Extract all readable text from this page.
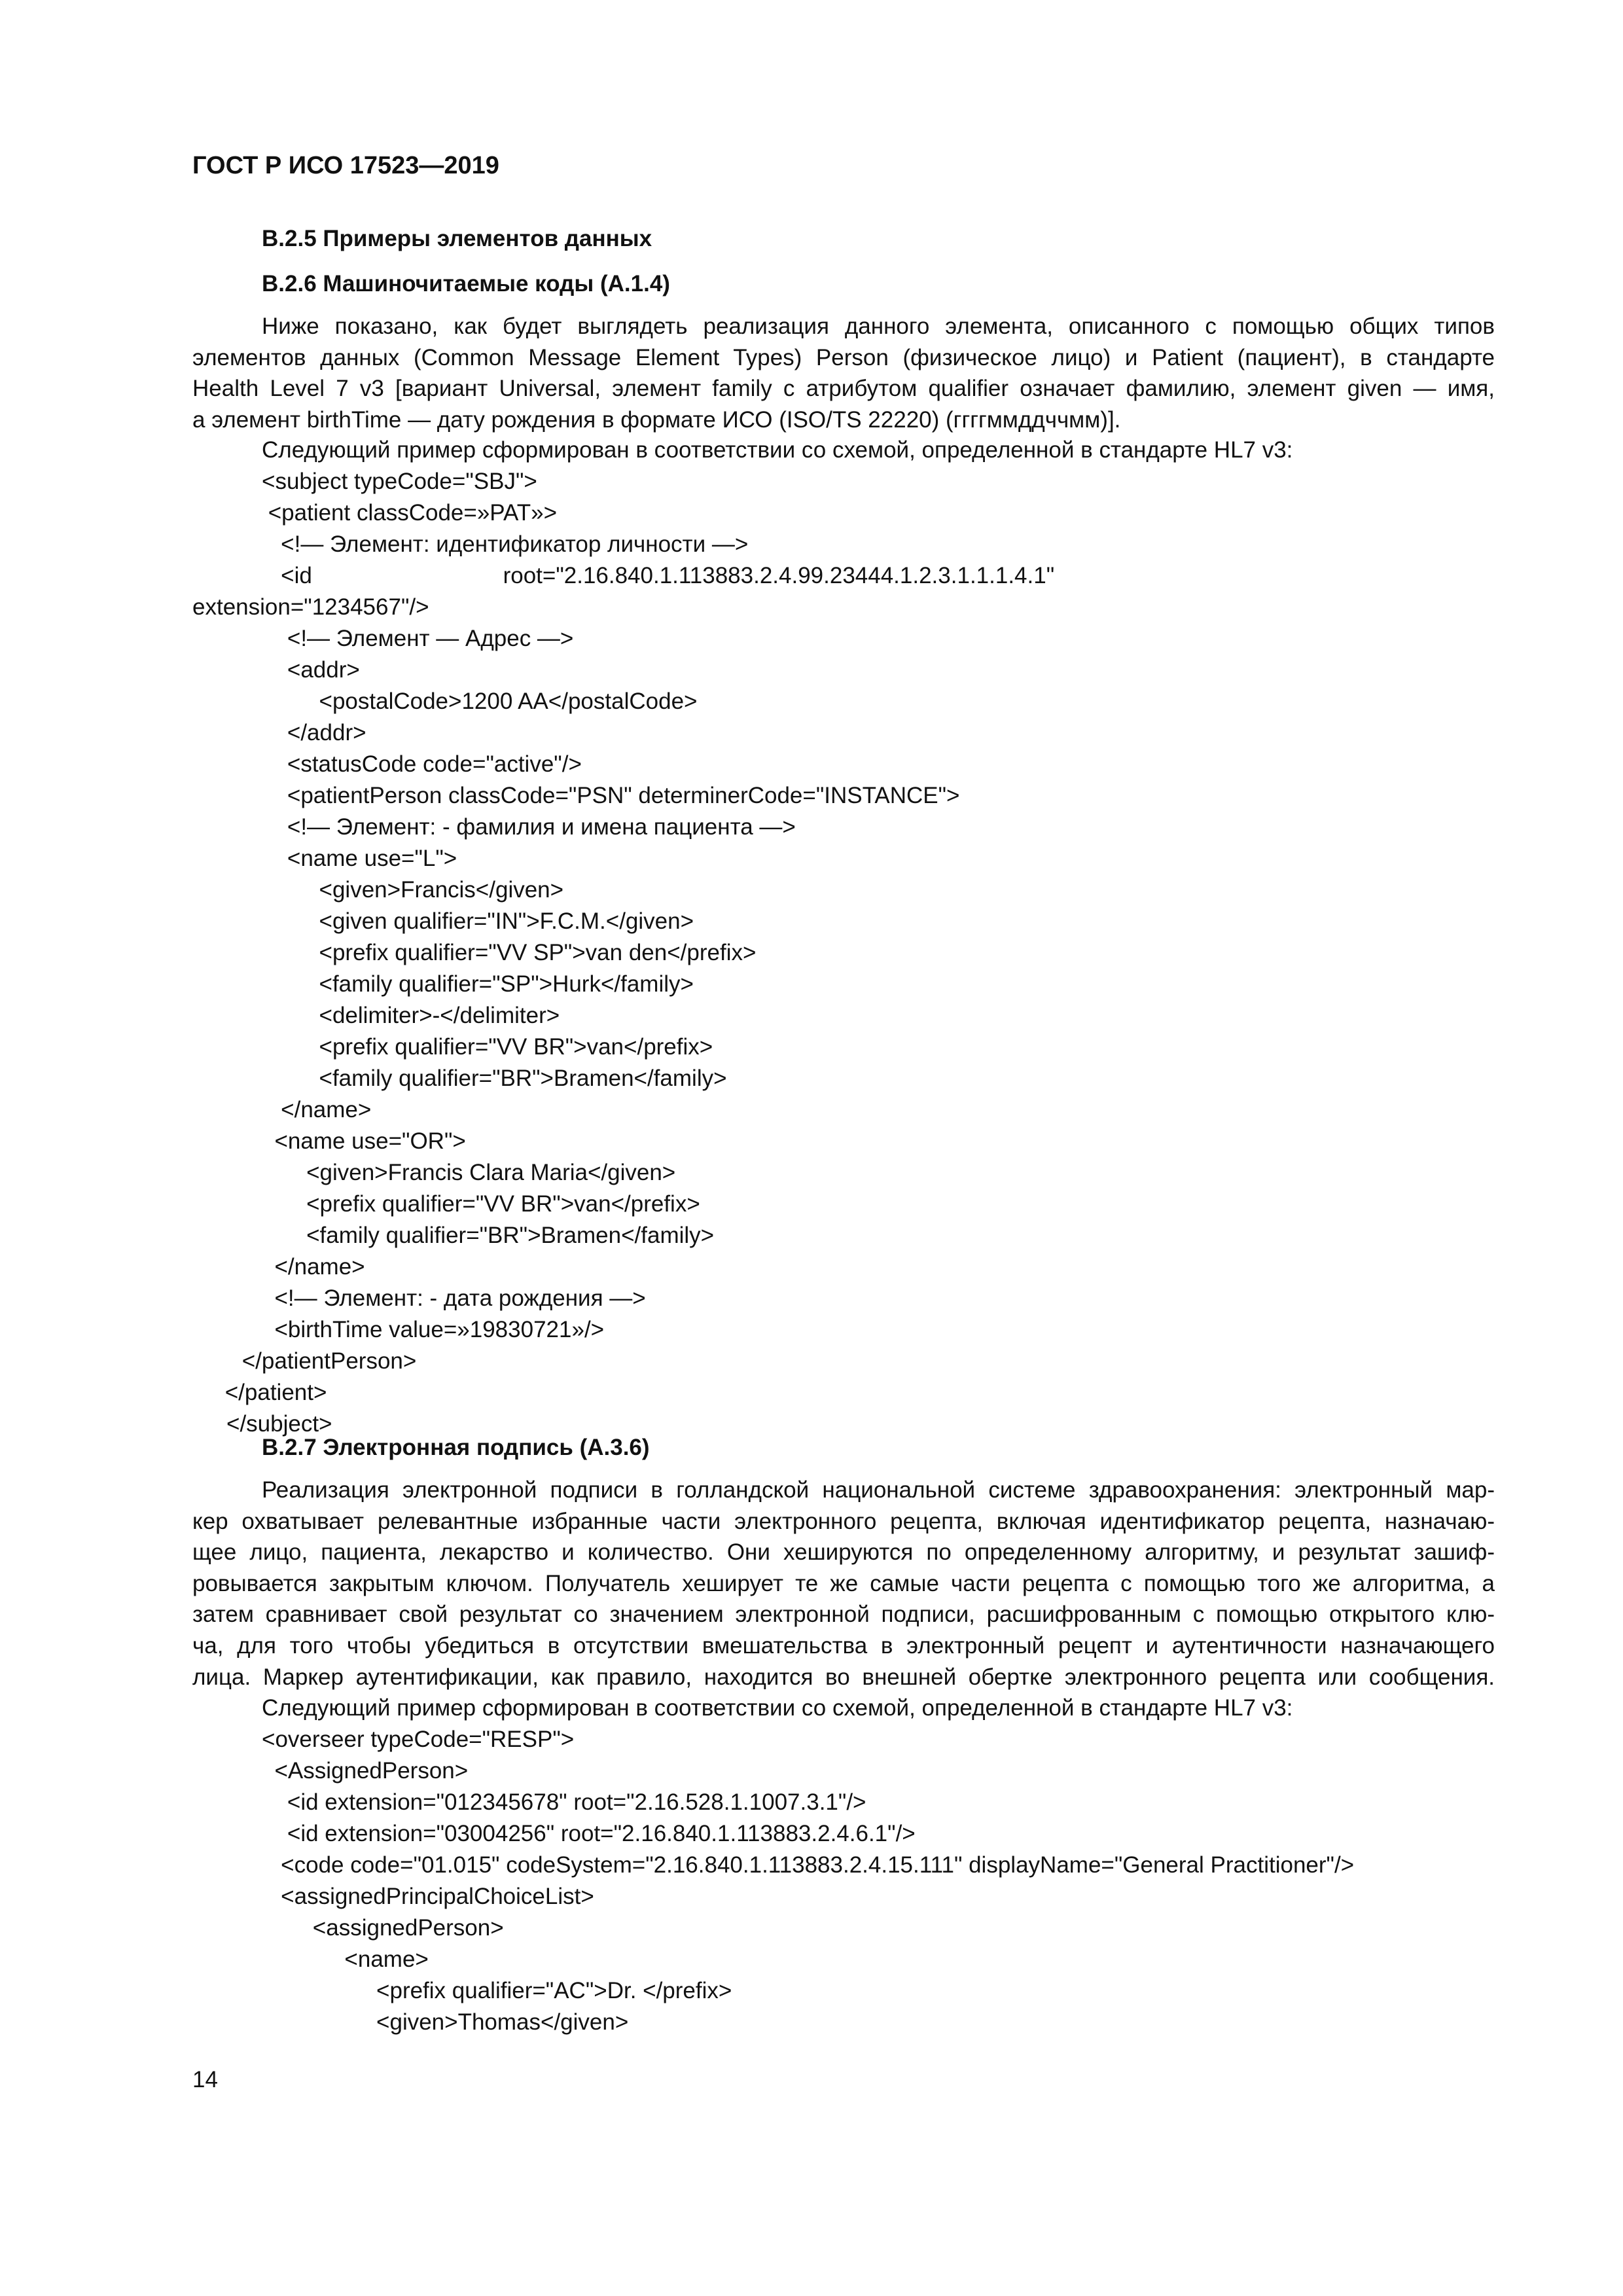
ГОСТ Р ИСО 17523—2019

B.2.5 Примеры элементов данных

B.2.6 Машиночитаемые коды (A.1.4)

Ниже показано, как будет выглядеть реализация данного элемента, описанного с помощью общих типов
элементов данных (Common Message Element Types) Person (физическое лицо) и Patient (пациент), в стандарте
Health Level 7 v3 [вариант Universal, элемент family с атрибутом qualifier означает фамилию, элемент given — имя,
а элемент birthTime — дату рождения в формате ИСО (ISO/TS 22220) (ггггммддччмм)].
Следующий пример сформирован в соответствии со схемой, определенной в стандарте HL7 v3:
<subject typeCode="SBJ">
<patient classCode=»PAT»>
<!— Элемент: идентификатор личности —>
<id                              root="2.16.840.1.113883.2.4.99.23444.1.2.3.1.1.1.4.1"
extension="1234567"/>
<!— Элемент — Адрес —>
<addr>
<postalCode>1200 AA</postalCode>
</addr>
<statusCode code="active"/>
<patientPerson classCode="PSN" determinerCode="INSTANCE">
<!— Элемент: - фамилия и имена пациента —>
<name use="L">
<given>Francis</given>
<given qualifier="IN">F.C.M.</given>
<prefix qualifier="VV SP">van den</prefix>
<family qualifier="SP">Hurk</family>
<delimiter>-</delimiter>
<prefix qualifier="VV BR">van</prefix>
<family qualifier="BR">Bramen</family>
</name>
<name use="OR">
<given>Francis Clara Maria</given>
<prefix qualifier="VV BR">van</prefix>
<family qualifier="BR">Bramen</family>
</name>
<!— Элемент: - дата рождения —>
<birthTime value=»19830721»/>
</patientPerson>
</patient>
</subject>

B.2.7 Электронная подпись (A.3.6)

Реализация электронной подписи в голландской национальной системе здравоохранения: электронный мар-
кер охватывает релевантные избранные части электронного рецепта, включая идентификатор рецепта, назначаю-
щее лицо, пациента, лекарство и количество. Они хешируются по определенному алгоритму, и результат зашиф-
ровывается закрытым ключом. Получатель хеширует те же самые части рецепта с помощью того же алгоритма, а
затем сравнивает свой результат со значением электронной подписи, расшифрованным с помощью открытого клю-
ча, для того чтобы убедиться в отсутствии вмешательства в электронный рецепт и аутентичности назначающего
лица. Маркер аутентификации, как правило, находится во внешней обертке электронного рецепта или сообщения.
Следующий пример сформирован в соответствии со схемой, определенной в стандарте HL7 v3:
<overseer typeCode="RESP">
<AssignedPerson>
<id extension="012345678" root="2.16.528.1.1007.3.1"/>
<id extension="03004256" root="2.16.840.1.113883.2.4.6.1"/>
<code code="01.015" codeSystem="2.16.840.1.113883.2.4.15.111" displayName="General Practitioner"/>
<assignedPrincipalChoiceList>
<assignedPerson>
<name>
<prefix qualifier="AC">Dr. </prefix>
<given>Thomas</given>

14
